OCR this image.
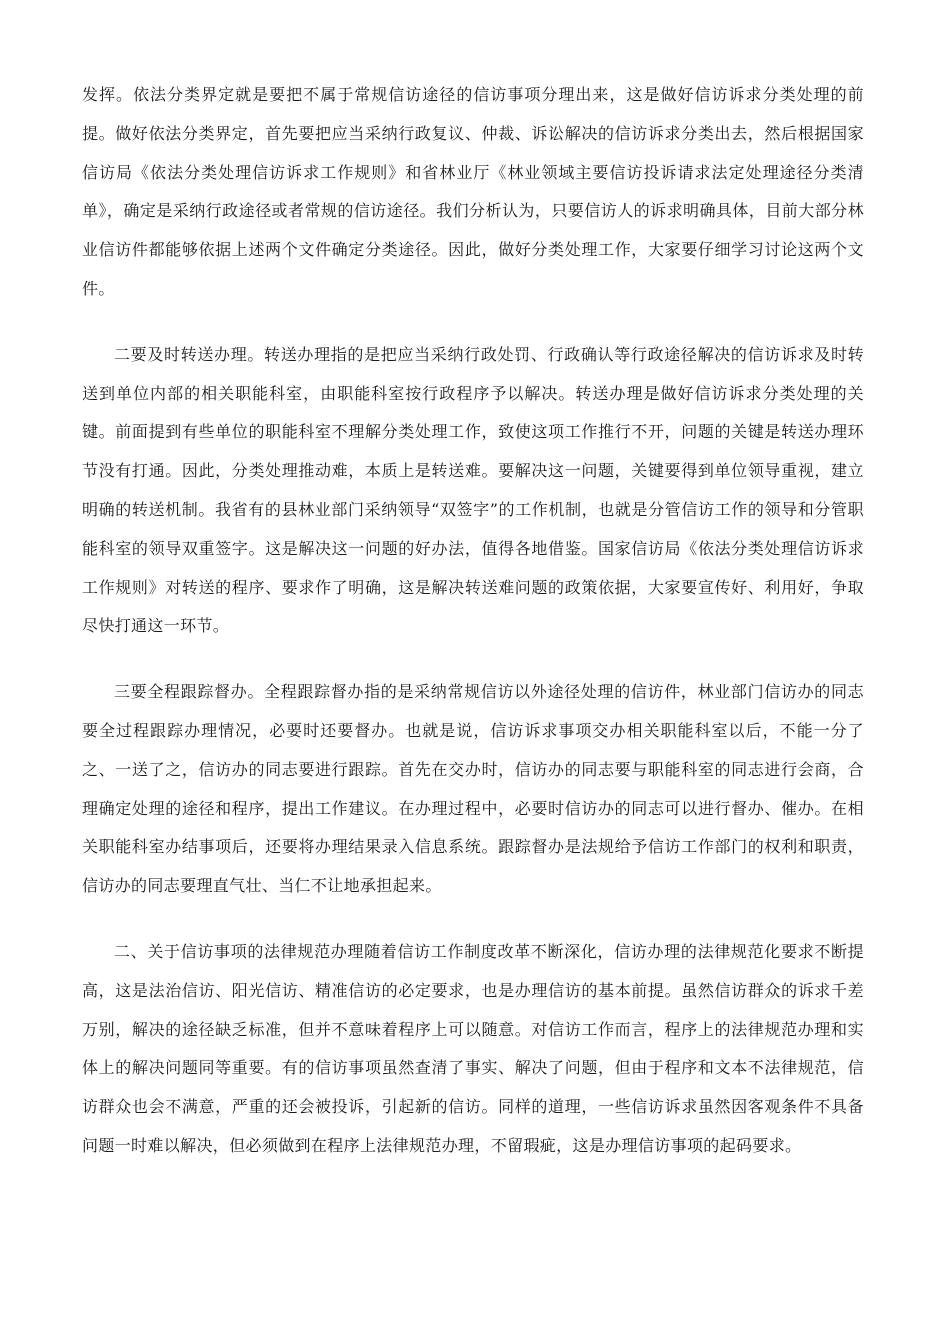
发挥。依法分类界定就是要把不属于常规信访途径的信访事项分理出来，这是做好信访诉求分类处理的前提。做好依法分类界定，首先要把应当采纳行政复议、仲裁、诉讼解决的信访诉求分类出去，然后根据国家信访局《依法分类处理信访诉求工作规则》和省林业厅《林业领域主要信访投诉请求法定处理途径分类清单》，确定是采纳行政途径或者常规的信访途径。我们分析认为，只要信访人的诉求明确具体，目前大部分林业信访件都能够依据上述两个文件确定分类途径。因此，做好分类处理工作，大家要仔细学习讨论这两个文件。

二要及时转送办理。转送办理指的是把应当采纳行政处罚、行政确认等行政途径解决的信访诉求及时转送到单位内部的相关职能科室，由职能科室按行政程序予以解决。转送办理是做好信访诉求分类处理的关键。前面提到有些单位的职能科室不理解分类处理工作，致使这项工作推行不开，问题的关键是转送办理环节没有打通。因此，分类处理推动难，本质上是转送难。要解决这一问题，关键要得到单位领导重视，建立明确的转送机制。我省有的县林业部门采纳领导“双签字”的工作机制，也就是分管信访工作的领导和分管职能科室的领导双重签字。这是解决这一问题的好办法，值得各地借鉴。国家信访局《依法分类处理信访诉求工作规则》对转送的程序、要求作了明确，这是解决转送难问题的政策依据，大家要宣传好、利用好，争取尽快打通这一环节。

三要全程跟踪督办。全程跟踪督办指的是采纳常规信访以外途径处理的信访件，林业部门信访办的同志要全过程跟踪办理情况，必要时还要督办。也就是说，信访诉求事项交办相关职能科室以后，不能一分了之、一送了之，信访办的同志要进行跟踪。首先在交办时，信访办的同志要与职能科室的同志进行会商，合理确定处理的途径和程序，提出工作建议。在办理过程中，必要时信访办的同志可以进行督办、催办。在相关职能科室办结事项后，还要将办理结果录入信息系统。跟踪督办是法规给予信访工作部门的权利和职责，信访办的同志要理直气壮、当仁不让地承担起来。

二、关于信访事项的法律规范办理随着信访工作制度改革不断深化，信访办理的法律规范化要求不断提高，这是法治信访、阳光信访、精准信访的必定要求，也是办理信访的基本前提。虽然信访群众的诉求千差万别，解决的途径缺乏标准，但并不意味着程序上可以随意。对信访工作而言，程序上的法律规范办理和实体上的解决问题同等重要。有的信访事项虽然查清了事实、解决了问题，但由于程序和文本不法律规范，信访群众也会不满意，严重的还会被投诉，引起新的信访。同样的道理，一些信访诉求虽然因客观条件不具备问题一时难以解决，但必须做到在程序上法律规范办理，不留瑕疵，这是办理信访事项的起码要求。
